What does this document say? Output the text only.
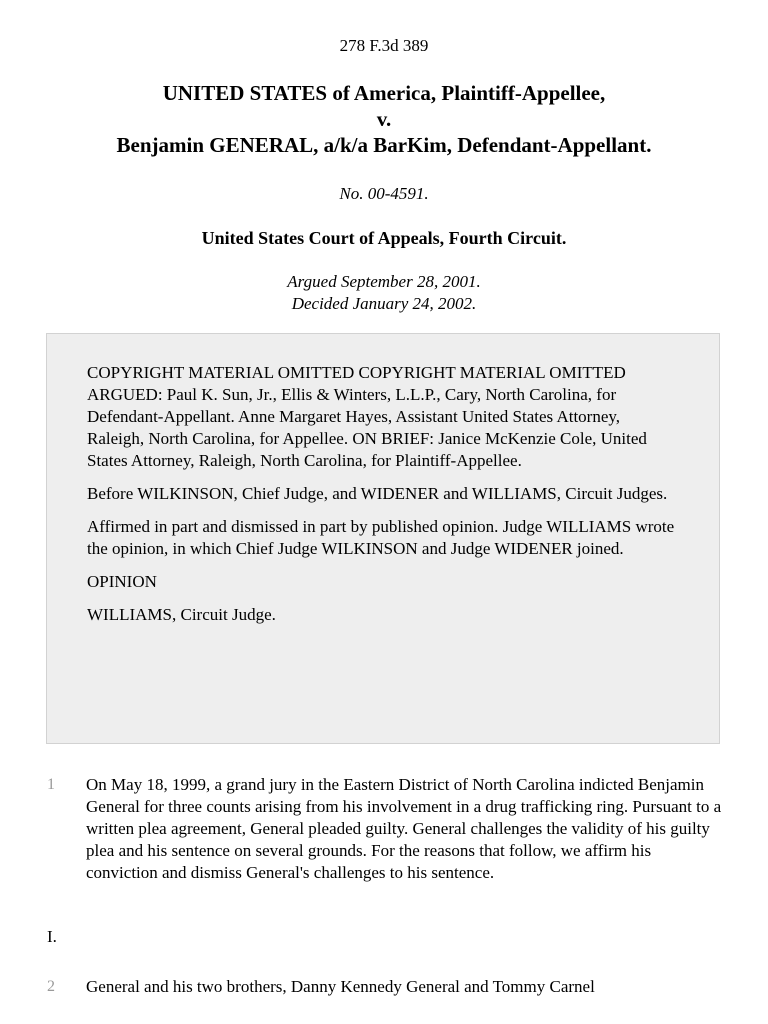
278 F.3d 389
UNITED STATES of America, Plaintiff-Appellee,
v.
Benjamin GENERAL, a/k/a BarKim, Defendant-Appellant.
No. 00-4591.
United States Court of Appeals, Fourth Circuit.
Argued September 28, 2001.
Decided January 24, 2002.

COPYRIGHT MATERIAL OMITTED COPYRIGHT MATERIAL OMITTED ARGUED: Paul K. Sun, Jr., Ellis & Winters, L.L.P., Cary, North Carolina, for Defendant-Appellant. Anne Margaret Hayes, Assistant United States Attorney, Raleigh, North Carolina, for Appellee. ON BRIEF: Janice McKenzie Cole, United States Attorney, Raleigh, North Carolina, for Plaintiff-Appellee.

Before WILKINSON, Chief Judge, and WIDENER and WILLIAMS, Circuit Judges.

Affirmed in part and dismissed in part by published opinion. Judge WILLIAMS wrote the opinion, in which Chief Judge WILKINSON and Judge WIDENER joined.

OPINION

WILLIAMS, Circuit Judge.

1 On May 18, 1999, a grand jury in the Eastern District of North Carolina indicted Benjamin General for three counts arising from his involvement in a drug trafficking ring. Pursuant to a written plea agreement, General pleaded guilty. General challenges the validity of his guilty plea and his sentence on several grounds. For the reasons that follow, we affirm his conviction and dismiss General's challenges to his sentence.
I.
2 General and his two brothers, Danny Kennedy General and Tommy Carnel
